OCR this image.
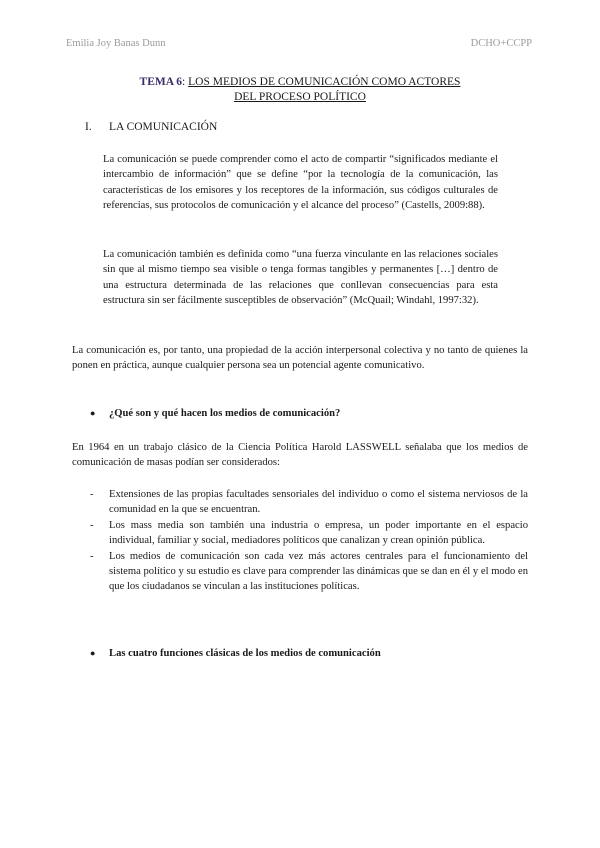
Emilia Joy Banas Dunn	DCHO+CCPP
TEMA 6: LOS MEDIOS DE COMUNICACIÓN COMO ACTORES
DEL PROCESO POLÍTICO
I. LA COMUNICACIÓN
La comunicación se puede comprender como el acto de compartir “significados mediante el intercambio de información” que se define “por la tecnología de la comunicación, las características de los emisores y los receptores de la información, sus códigos culturales de referencias, sus protocolos de comunicación y el alcance del proceso” (Castells, 2009:88).
La comunicación también es definida como “una fuerza vinculante en las relaciones sociales sin que al mismo tiempo sea visible o tenga formas tangibles y permanentes […] dentro de una estructura determinada de las relaciones que conllevan consecuencias para esta estructura sin ser fácilmente susceptibles de observación” (McQuail; Windahl, 1997:32).
La comunicación es, por tanto, una propiedad de la acción interpersonal colectiva y no tanto de quienes la ponen en práctica, aunque cualquier persona sea un potencial agente comunicativo.
● ¿Qué son y qué hacen los medios de comunicación?
En 1964 en un trabajo clásico de la Ciencia Política Harold LASSWELL señalaba que los medios de comunicación de masas podían ser considerados:
- Extensiones de las propias facultades sensoriales del individuo o como el sistema nerviosos de la comunidad en la que se encuentran.
- Los mass media son también una industria o empresa, un poder importante en el espacio individual, familiar y social, mediadores políticos que canalizan y crean opinión pública.
- Los medios de comunicación son cada vez más actores centrales para el funcionamiento del sistema político y su estudio es clave para comprender las dinámicas que se dan en él y el modo en que los ciudadanos se vinculan a las instituciones políticas.
● Las cuatro funciones clásicas de los medios de comunicación
